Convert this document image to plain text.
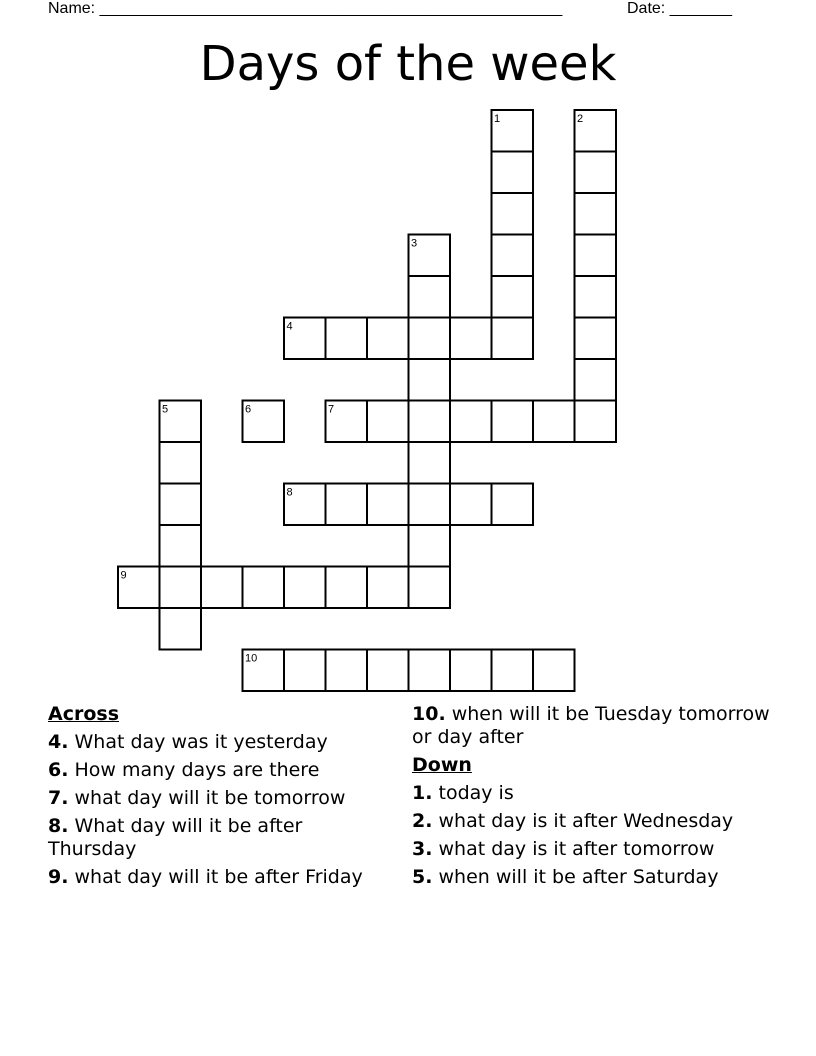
Name: ____________________________________________________	Date: _______
Days of the week
1	2
3
4
5	6	7
8
9
10
Across
4. What day was it yesterday
6. How many days are there
7. what day will it be tomorrow
8. What day will it be after Thursday
9. what day will it be after Friday
10. when will it be Tuesday tomorrow or day after
Down
1. today is
2. what day is it after Wednesday
3. what day is it after tomorrow
5. when will it be after Saturday
